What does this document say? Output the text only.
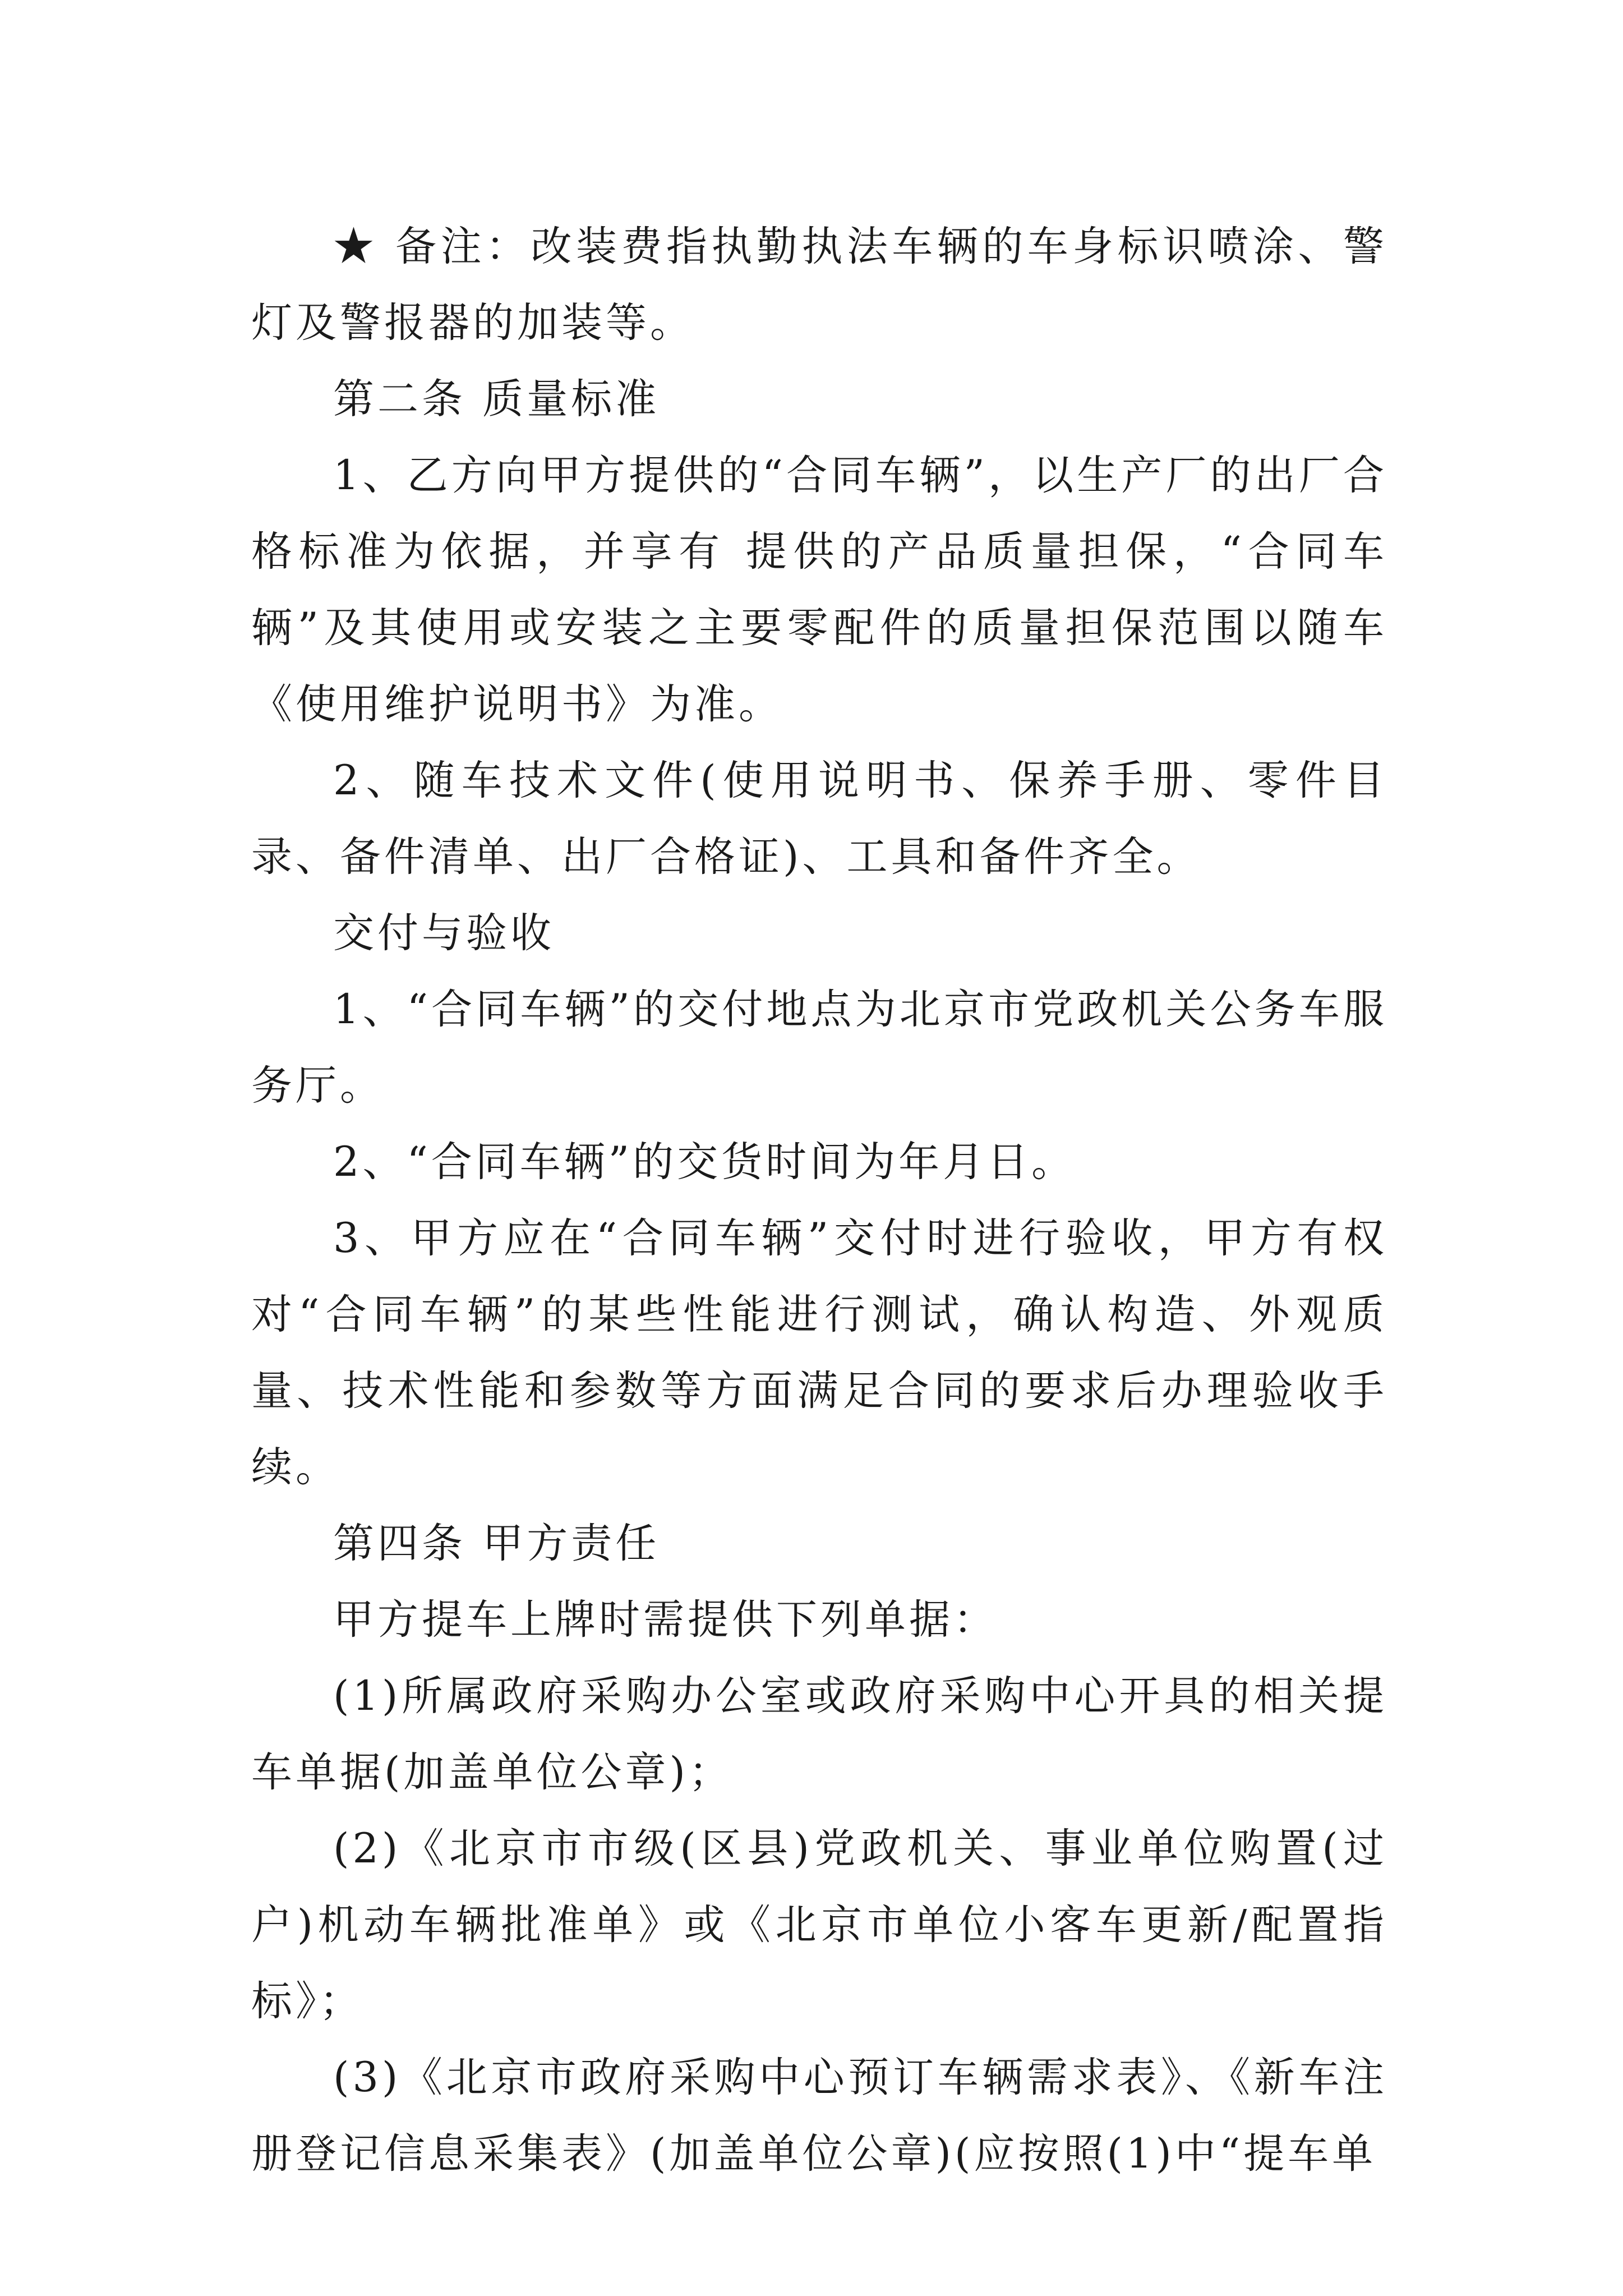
★ 备注：改装费指执勤执法车辆的车身标识喷涂、警灯及警报器的加装等。

第二条 质量标准

1、乙方向甲方提供的“合同车辆”，以生产厂的出厂合格标准为依据，并享有 提供的产品质量担保，“合同车辆”及其使用或安装之主要零配件的质量担保范围以随车《使用维护说明书》为准。

2、随车技术文件(使用说明书、保养手册、零件目录、备件清单、出厂合格证)、工具和备件齐全。

交付与验收

1、“合同车辆”的交付地点为北京市党政机关公务车服务厅。

2、“合同车辆”的交货时间为年月日。

3、甲方应在“合同车辆”交付时进行验收，甲方有权对“合同车辆”的某些性能进行测试，确认构造、外观质量、技术性能和参数等方面满足合同的要求后办理验收手续。

第四条 甲方责任

甲方提车上牌时需提供下列单据：

(1)所属政府采购办公室或政府采购中心开具的相关提车单据(加盖单位公章)；

(2)《北京市市级(区县)党政机关、事业单位购置(过户)机动车辆批准单》或《北京市单位小客车更新/配置指标》；

(3)《北京市政府采购中心预订车辆需求表》、《新车注册登记信息采集表》(加盖单位公章)(应按照(1)中“提车单
